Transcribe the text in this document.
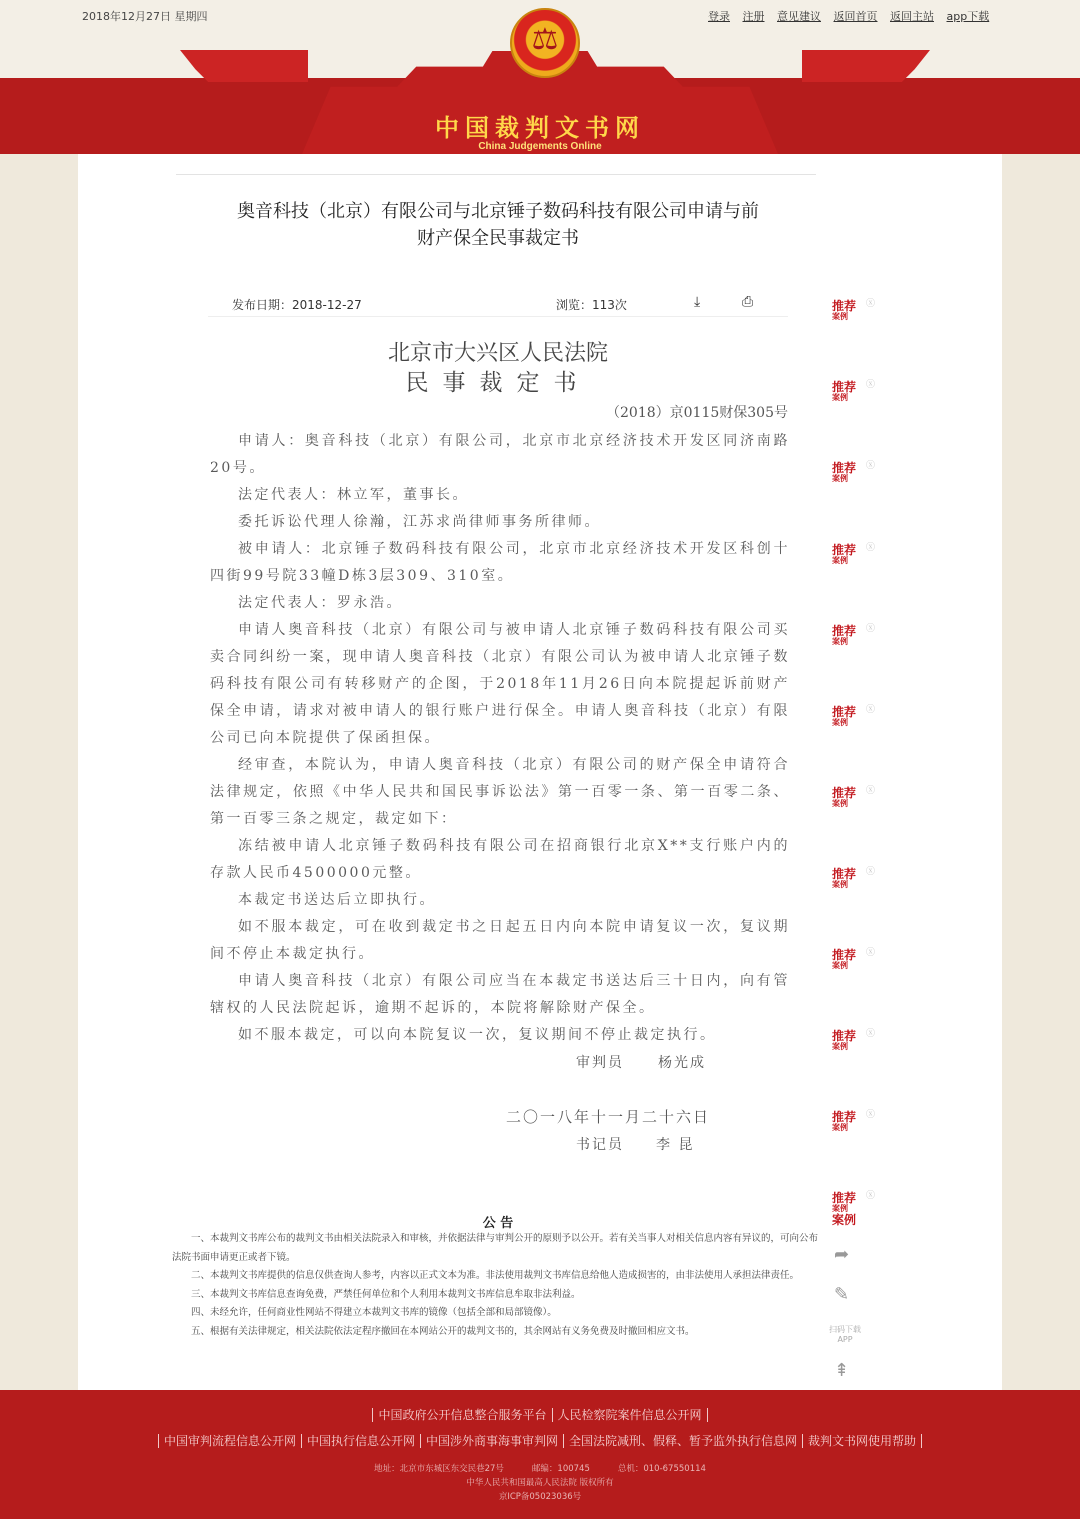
⚖
中国裁判文书网
China Judgements Online
2018年12月27日 星期四	登录 注册 意见建议 返回首页 返回主站 app下载
奥音科技（北京）有限公司与北京锤子数码科技有限公司申请与前
财产保全民事裁定书
发布日期：2018-12-27	浏览：113次	⤓	⎙
北京市大兴区人民法院
民事裁定书
（2018）京0115财保305号

申请人：奥音科技（北京）有限公司，北京市北京经济技术开发区同济南路20号。

法定代表人：林立军，董事长。

委托诉讼代理人徐瀚，江苏求尚律师事务所律师。

被申请人：北京锤子数码科技有限公司，北京市北京经济技术开发区科创十四街99号院33幢D栋3层309、310室。

法定代表人：罗永浩。

申请人奥音科技（北京）有限公司与被申请人北京锤子数码科技有限公司买卖合同纠纷一案，现申请人奥音科技（北京）有限公司认为被申请人北京锤子数码科技有限公司有转移财产的企图，于2018年11月26日向本院提起诉前财产保全申请，请求对被申请人的银行账户进行保全。申请人奥音科技（北京）有限公司已向本院提供了保函担保。

经审查，本院认为，申请人奥音科技（北京）有限公司的财产保全申请符合法律规定，依照《中华人民共和国民事诉讼法》第一百零一条、第一百零二条、第一百零三条之规定，裁定如下：

冻结被申请人北京锤子数码科技有限公司在招商银行北京X**支行账户内的存款人民币4500000元整。

本裁定书送达后立即执行。

如不服本裁定，可在收到裁定书之日起五日内向本院申请复议一次，复议期间不停止本裁定执行。

申请人奥音科技（北京）有限公司应当在本裁定书送达后三十日内，向有管辖权的人民法院起诉，逾期不起诉的，本院将解除财产保全。

如不服本裁定，可以向本院复议一次，复议期间不停止裁定执行。

审判员 杨光成
二〇一八年十一月二十六日
书记员 李 昆
公 告

一、本裁判文书库公布的裁判文书由相关法院录入和审核，并依据法律与审判公开的原则予以公开。若有关当事人对相关信息内容有异议的，可向公布法院书面申请更正或者下镜。

二、本裁判文书库提供的信息仅供查询人参考，内容以正式文本为准。非法使用裁判文书库信息给他人造成损害的，由非法使用人承担法律责任。

三、本裁判文书库信息查询免费，严禁任何单位和个人利用本裁判文书库信息牟取非法利益。

四、未经允许，任何商业性网站不得建立本裁判文书库的镜像（包括全部和局部镜像）。

五、根据有关法律规定，相关法院依法定程序撤回在本网站公开的裁判文书的，其余网站有义务免费及时撤回相应文书。

推荐
案例
ⓧ
推荐
案例
ⓧ
推荐
案例
ⓧ
推荐
案例
ⓧ
推荐
案例
ⓧ
推荐
案例
ⓧ
推荐
案例
ⓧ
推荐
案例
ⓧ
推荐
案例
ⓧ
推荐
案例
ⓧ
推荐
案例
ⓧ
推荐
案例
案例
ⓧ
➦
✎
扫码下载APP
⇞
中国政府公开信息整合服务平台 人民检察院案件信息公开网
中国审判流程信息公开网 中国执行信息公开网 中国涉外商事海事审判网 全国法院减刑、假释、暂予监外执行信息网 裁判文书网使用帮助
地址：北京市东城区东交民巷27号	邮编：100745	总机：010-67550114
中华人民共和国最高人民法院 版权所有
京ICP备05023036号
